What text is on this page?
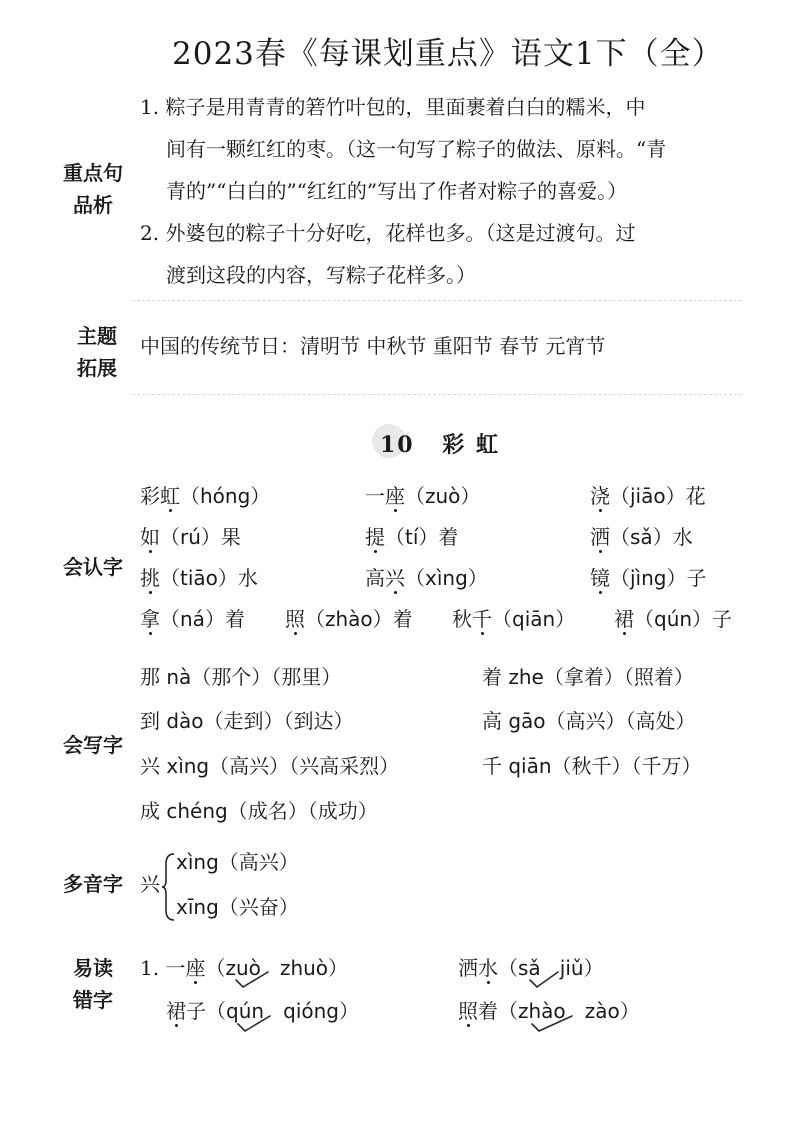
2023春《每课划重点》语文1下（全）
重点句
品析
1. 粽子是用青青的箬竹叶包的，里面裹着白白的糯米，中
间有一颗红红的枣。（这一句写了粽子的做法、原料。“青
青的”“白白的”“红红的”写出了作者对粽子的喜爱。）
2. 外婆包的粽子十分好吃，花样也多。（这是过渡句。过
渡到这段的内容，写粽子花样多。）
主题
拓展
中国的传统节日：清明节 中秋节 重阳节 春节 元宵节
10 彩 虹
会认字
彩虹（hóng）	一座（zuò）	浇（jiāo）花
如（rú）果	提（tí）着	洒（sǎ）水
挑（tiāo）水	高兴（xìng）	镜（jìng）子
拿（ná）着 照（zhào）着 秋千（qiān） 裙（qún）子
会写字
那 nà（那个）（那里）	着 zhe（拿着）（照着）
到 dào（走到）（到达）	高 gāo（高兴）（高处）
兴 xìng（高兴）（兴高采烈）	千 qiān（秋千）（千万）
成 chéng（成名）（成功）
多音字 兴
xìng（高兴）
xīng（兴奋）
易读
错字
1. 一座（zuò zhuò）	洒水（sǎ jiǔ）
裙子（qún qióng）	照着（zhào zào）
